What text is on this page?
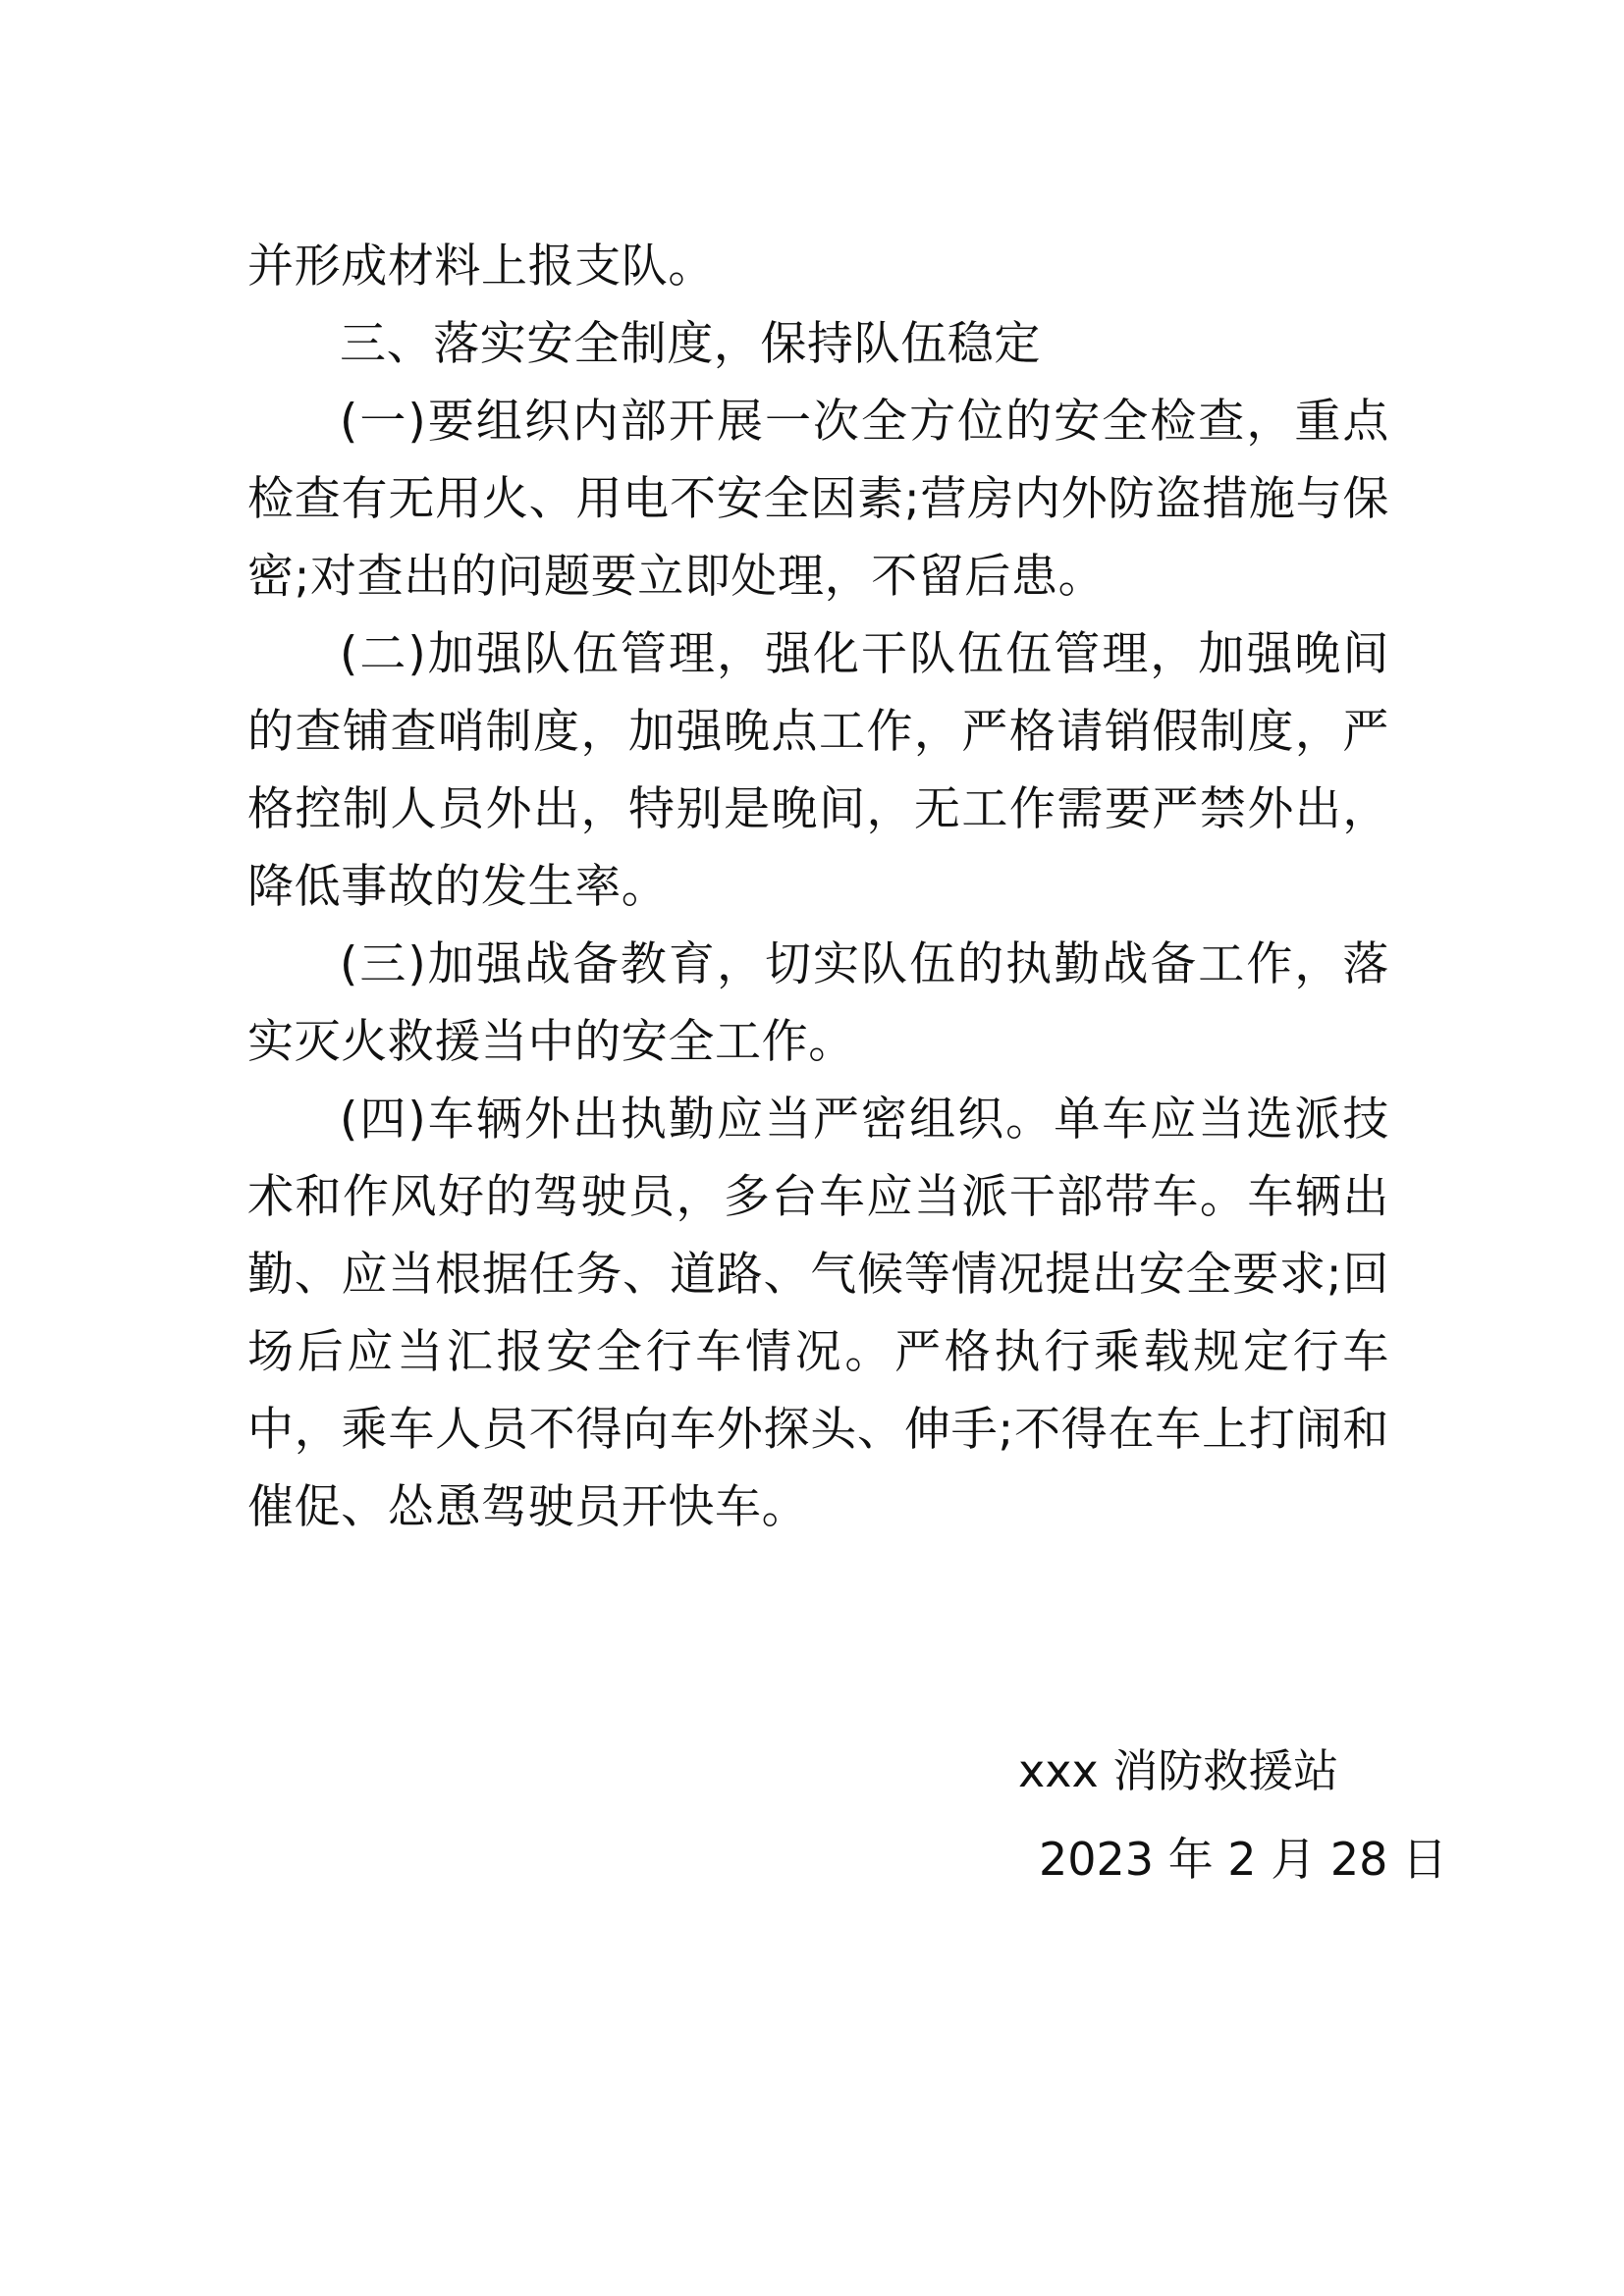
并形成材料上报支队。

三、落实安全制度，保持队伍稳定

(一)要组织内部开展一次全方位的安全检查，重点检查有无用火、用电不安全因素;营房内外防盗措施与保密;对查出的问题要立即处理，不留后患。

(二)加强队伍管理，强化干队伍伍管理，加强晚间的查铺查哨制度，加强晚点工作，严格请销假制度，严格控制人员外出，特别是晚间，无工作需要严禁外出，降低事故的发生率。

(三)加强战备教育，切实队伍的执勤战备工作，落实灭火救援当中的安全工作。

(四)车辆外出执勤应当严密组织。单车应当选派技术和作风好的驾驶员，多台车应当派干部带车。车辆出勤、应当根据任务、道路、气候等情况提出安全要求;回场后应当汇报安全行车情况。严格执行乘载规定行车中，乘车人员不得向车外探头、伸手;不得在车上打闹和催促、怂恿驾驶员开快车。

xxx 消防救援站
2023 年 2 月 28 日
